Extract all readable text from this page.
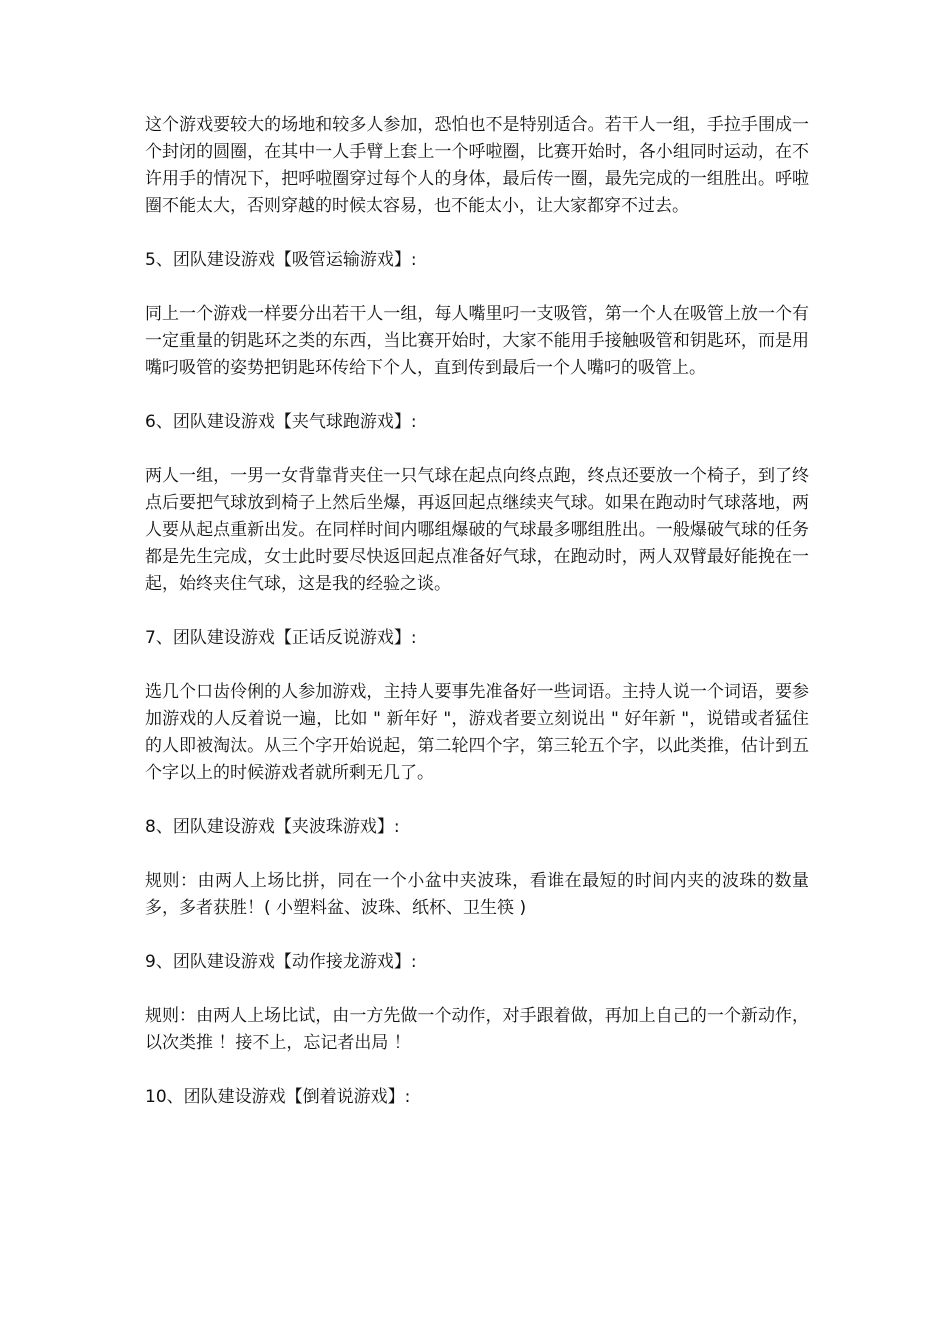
这个游戏要较大的场地和较多人参加，恐怕也不是特别适合。若干人一组，手拉手围成一个封闭的圆圈，在其中一人手臂上套上一个呼啦圈，比赛开始时，各小组同时运动，在不许用手的情况下，把呼啦圈穿过每个人的身体，最后传一圈，最先完成的一组胜出。呼啦圈不能太大，否则穿越的时候太容易，也不能太小，让大家都穿不过去。

5、团队建设游戏【吸管运输游戏】:

同上一个游戏一样要分出若干人一组，每人嘴里叼一支吸管，第一个人在吸管上放一个有一定重量的钥匙环之类的东西，当比赛开始时，大家不能用手接触吸管和钥匙环，而是用嘴叼吸管的姿势把钥匙环传给下个人，直到传到最后一个人嘴叼的吸管上。

6、团队建设游戏【夹气球跑游戏】:

两人一组，一男一女背靠背夹住一只气球在起点向终点跑，终点还要放一个椅子，到了终点后要把气球放到椅子上然后坐爆，再返回起点继续夹气球。如果在跑动时气球落地，两人要从起点重新出发。在同样时间内哪组爆破的气球最多哪组胜出。一般爆破气球的任务都是先生完成，女士此时要尽快返回起点准备好气球，在跑动时，两人双臂最好能挽在一起，始终夹住气球，这是我的经验之谈。

7、团队建设游戏【正话反说游戏】:

选几个口齿伶俐的人参加游戏，主持人要事先准备好一些词语。主持人说一个词语，要参加游戏的人反着说一遍，比如 " 新年好 "，游戏者要立刻说出 " 好年新 "，说错或者猛住的人即被淘汰。从三个字开始说起，第二轮四个字，第三轮五个字，以此类推，估计到五个字以上的时候游戏者就所剩无几了。

8、团队建设游戏【夹波珠游戏】:

规则：由两人上场比拼，同在一个小盆中夹波珠，看谁在最短的时间内夹的波珠的数量多，多者获胜！( 小塑料盆、波珠、纸杯、卫生筷 )

9、团队建设游戏【动作接龙游戏】:

规则：由两人上场比试，由一方先做一个动作，对手跟着做，再加上自己的一个新动作，以次类推 ！接不上，忘记者出局 ！

10、团队建设游戏【倒着说游戏】:
